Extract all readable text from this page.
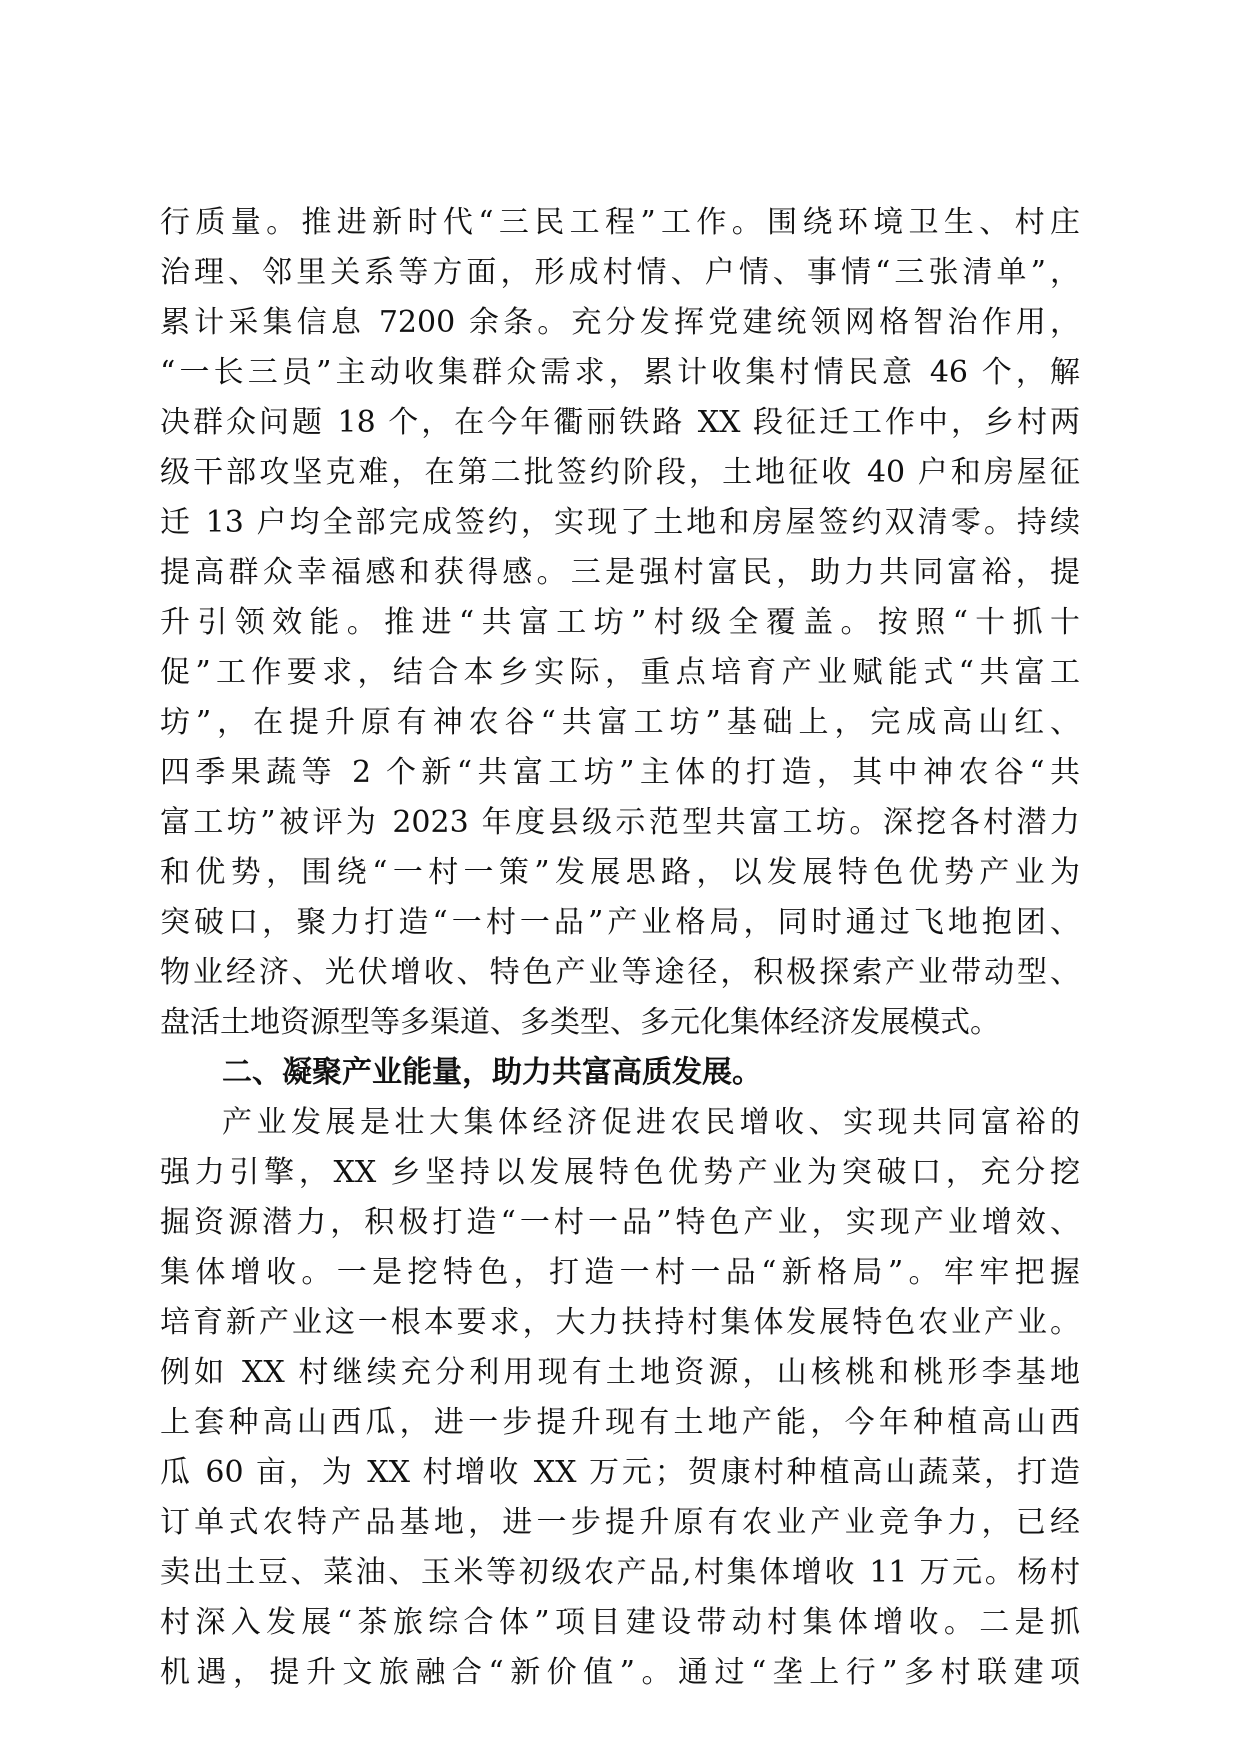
行质量。推进新时代“三民工程”工作。围绕环境卫生、村庄
治理、邻里关系等方面，形成村情、户情、事情“三张清单”，
累计采集信息 7200 余条。充分发挥党建统领网格智治作用，
“一长三员”主动收集群众需求，累计收集村情民意 46 个，解
决群众问题 18 个，在今年衢丽铁路 XX 段征迁工作中，乡村两
级干部攻坚克难，在第二批签约阶段，土地征收 40 户和房屋征
迁 13 户均全部完成签约，实现了土地和房屋签约双清零。持续
提高群众幸福感和获得感。三是强村富民，助力共同富裕，提
升引领效能。推进“共富工坊”村级全覆盖。按照“十抓十
促”工作要求，结合本乡实际，重点培育产业赋能式“共富工
坊”，在提升原有神农谷“共富工坊”基础上，完成高山红、
四季果蔬等 2 个新“共富工坊”主体的打造，其中神农谷“共
富工坊”被评为 2023 年度县级示范型共富工坊。深挖各村潜力
和优势，围绕“一村一策”发展思路，以发展特色优势产业为
突破口，聚力打造“一村一品”产业格局，同时通过飞地抱团、
物业经济、光伏增收、特色产业等途径，积极探索产业带动型、
盘活土地资源型等多渠道、多类型、多元化集体经济发展模式。
二、凝聚产业能量，助力共富高质发展。
产业发展是壮大集体经济促进农民增收、实现共同富裕的
强力引擎，XX 乡坚持以发展特色优势产业为突破口，充分挖
掘资源潜力，积极打造“一村一品”特色产业，实现产业增效、
集体增收。一是挖特色，打造一村一品“新格局”。牢牢把握
培育新产业这一根本要求，大力扶持村集体发展特色农业产业。
例如 XX 村继续充分利用现有土地资源，山核桃和桃形李基地
上套种高山西瓜，进一步提升现有土地产能，今年种植高山西
瓜 60 亩，为 XX 村增收 XX 万元；贺康村种植高山蔬菜，打造
订单式农特产品基地，进一步提升原有农业产业竞争力，已经
卖出土豆、菜油、玉米等初级农产品,村集体增收 11 万元。杨村
村深入发展“茶旅综合体”项目建设带动村集体增收。二是抓
机遇，提升文旅融合“新价值”。通过“垄上行”多村联建项
